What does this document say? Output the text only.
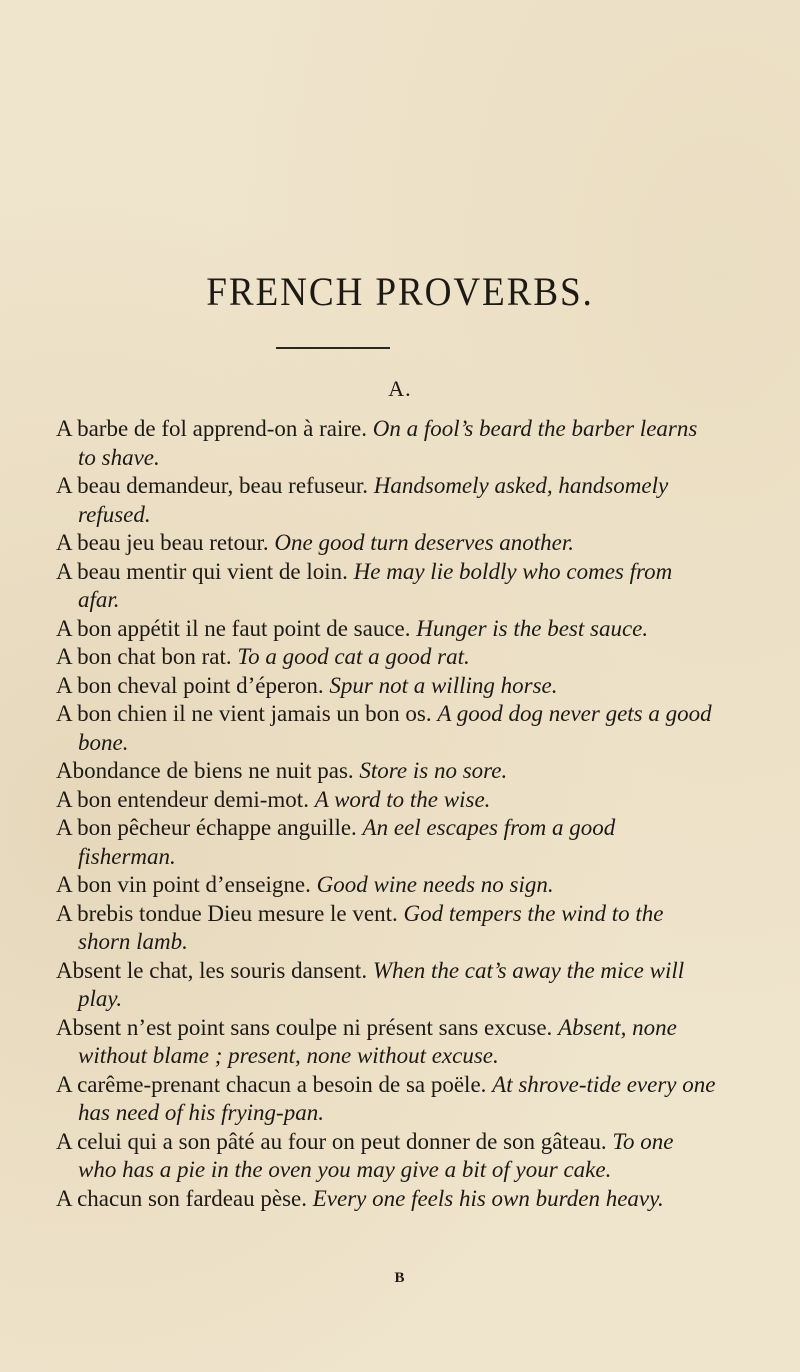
FRENCH PROVERBS.
A.
A barbe de fol apprend-on à raire. On a fool’s beard the barber learns to shave.
A beau demandeur, beau refuseur. Handsomely asked, handsomely refused.
A beau jeu beau retour. One good turn deserves another.
A beau mentir qui vient de loin. He may lie boldly who comes from afar.
A bon appétit il ne faut point de sauce. Hunger is the best sauce.
A bon chat bon rat. To a good cat a good rat.
A bon cheval point d’éperon. Spur not a willing horse.
A bon chien il ne vient jamais un bon os. A good dog never gets a good bone.
Abondance de biens ne nuit pas. Store is no sore.
A bon entendeur demi-mot. A word to the wise.
A bon pêcheur échappe anguille. An eel escapes from a good fisherman.
A bon vin point d’enseigne. Good wine needs no sign.
A brebis tondue Dieu mesure le vent. God tempers the wind to the shorn lamb.
Absent le chat, les souris dansent. When the cat’s away the mice will play.
Absent n’est point sans coulpe ni présent sans excuse. Absent, none without blame ; present, none without excuse.
A carême-prenant chacun a besoin de sa poële. At shrove-tide every one has need of his frying-pan.
A celui qui a son pâté au four on peut donner de son gâteau. To one who has a pie in the oven you may give a bit of your cake.
A chacun son fardeau pèse. Every one feels his own burden heavy.
B
